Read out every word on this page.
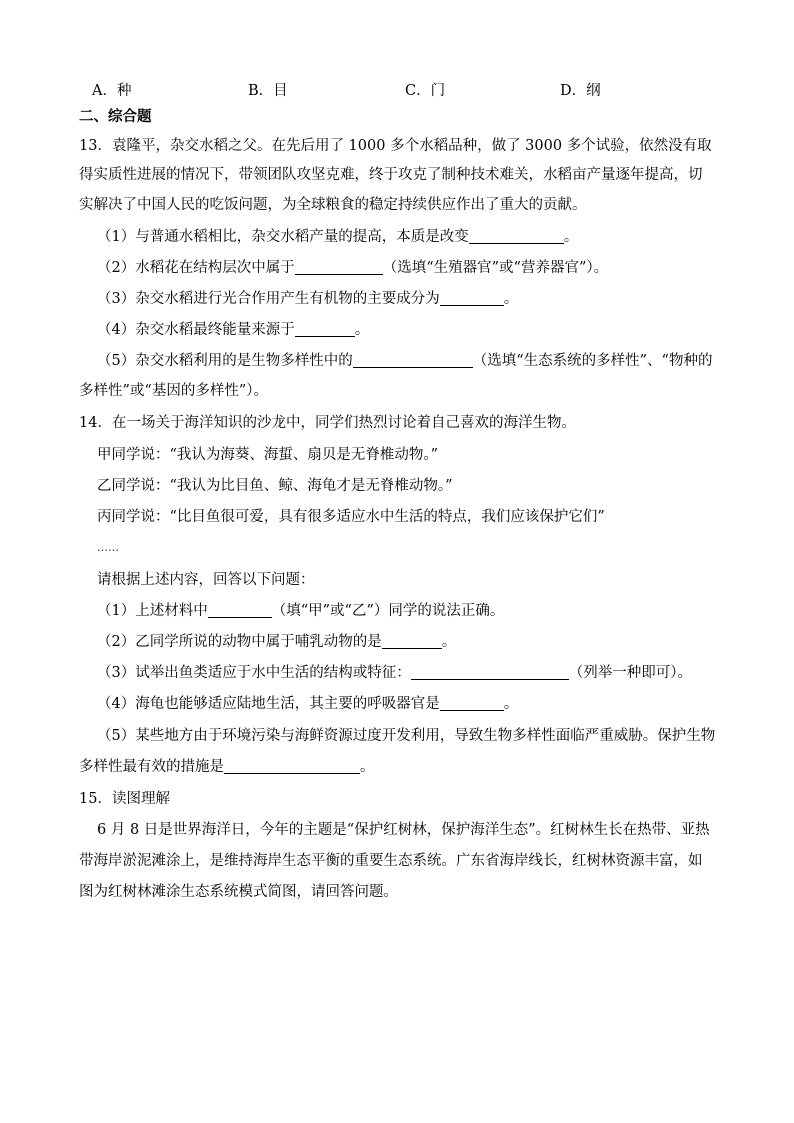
A．种	B．目	C．门	D．纲
二、综合题
13．袁隆平，杂交水稻之父。在先后用了 1000 多个水稻品种，做了 3000 多个试验，依然没有取
得实质性进展的情况下，带领团队攻坚克难，终于攻克了制种技术难关，水稻亩产量逐年提高，切
实解决了中国人民的吃饭问题，为全球粮食的稳定持续供应作出了重大的贡献。
（1）与普通水稻相比，杂交水稻产量的提高，本质是改变	。
（2）水稻花在结构层次中属于	（选填“生殖器官”或“营养器官”）。
（3）杂交水稻进行光合作用产生有机物的主要成分为	。
（4）杂交水稻最终能量来源于	。
（5）杂交水稻利用的是生物多样性中的	（选填“生态系统的多样性”、“物种的
多样性”或“基因的多样性”）。
14．在一场关于海洋知识的沙龙中，同学们热烈讨论着自己喜欢的海洋生物。
甲同学说：“我认为海葵、海蜇、扇贝是无脊椎动物。”
乙同学说：“我认为比目鱼、鲸、海龟才是无脊椎动物。”
丙同学说：“比目鱼很可爱，具有很多适应水中生活的特点，我们应该保护它们”
……
请根据上述内容，回答以下问题：
（1）上述材料中	（填“甲”或“乙”）同学的说法正确。
（2）乙同学所说的动物中属于哺乳动物的是	。
（3）试举出鱼类适应于水中生活的结构或特征：	（列举一种即可）。
（4）海龟也能够适应陆地生活，其主要的呼吸器官是	。
（5）某些地方由于环境污染与海鲜资源过度开发利用，导致生物多样性面临严重威胁。保护生物
多样性最有效的措施是	。
15．读图理解
6 月 8 日是世界海洋日，今年的主题是“保护红树林，保护海洋生态”。红树林生长在热带、亚热
带海岸淤泥滩涂上，是维持海岸生态平衡的重要生态系统。广东省海岸线长，红树林资源丰富，如
图为红树林滩涂生态系统模式简图，请回答问题。
